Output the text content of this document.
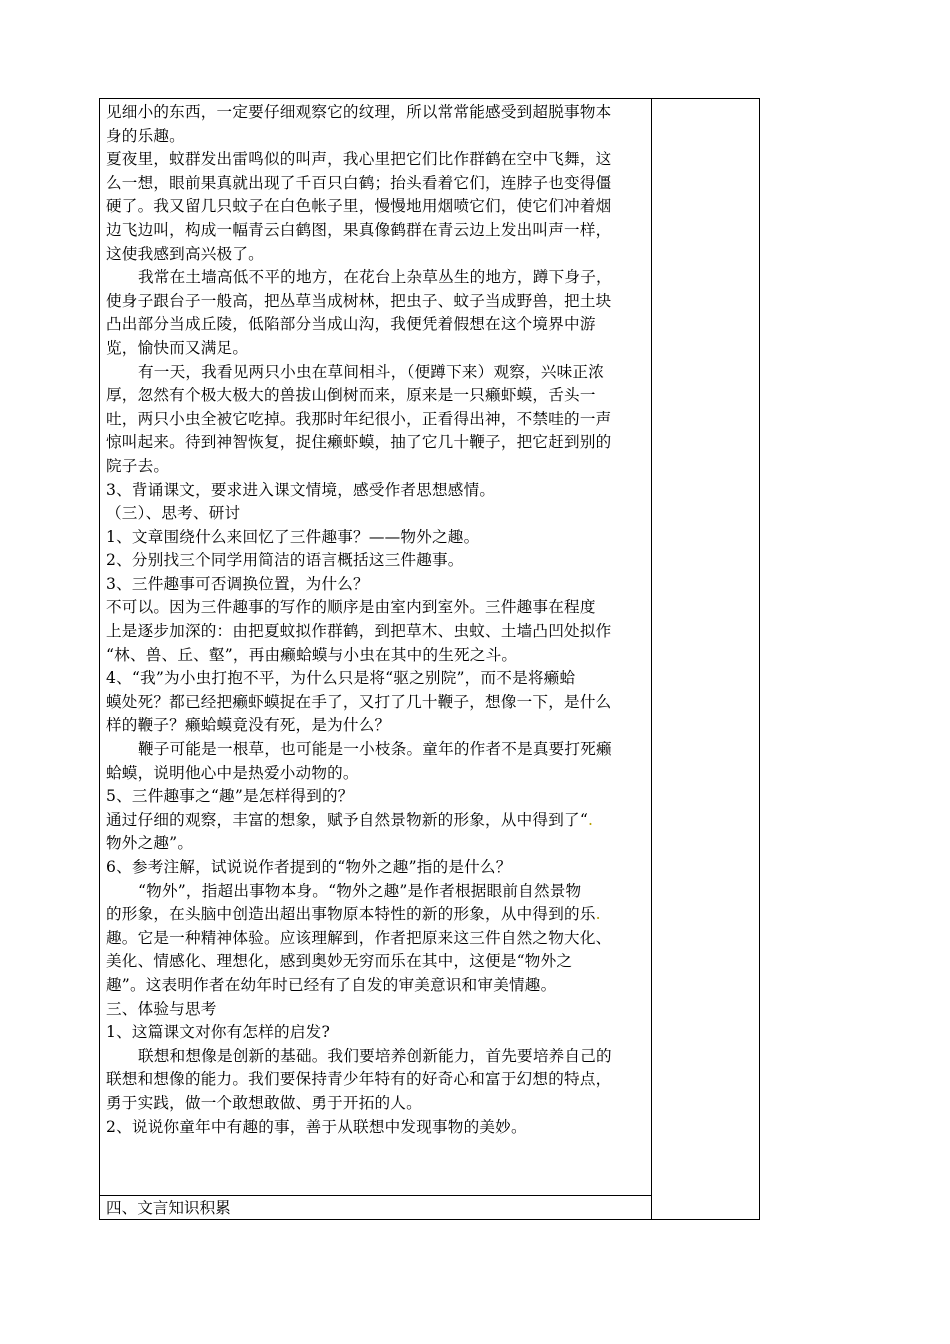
见细小的东西，一定要仔细观察它的纹理，所以常常能感受到超脱事物本
身的乐趣。
夏夜里，蚊群发出雷鸣似的叫声，我心里把它们比作群鹤在空中飞舞，这
么一想，眼前果真就出现了千百只白鹤；抬头看着它们，连脖子也变得僵
硬了。我又留几只蚊子在白色帐子里，慢慢地用烟喷它们，使它们冲着烟
边飞边叫，构成一幅青云白鹤图，果真像鹤群在青云边上发出叫声一样，
这使我感到高兴极了。
我常在土墙高低不平的地方，在花台上杂草丛生的地方，蹲下身子，
使身子跟台子一般高，把丛草当成树林，把虫子、蚊子当成野兽，把土块
凸出部分当成丘陵，低陷部分当成山沟，我便凭着假想在这个境界中游
览，愉快而又满足。
有一天，我看见两只小虫在草间相斗，（便蹲下来）观察，兴味正浓
厚，忽然有个极大极大的兽拔山倒树而来，原来是一只癞虾蟆，舌头一
吐，两只小虫全被它吃掉。我那时年纪很小，正看得出神，不禁哇的一声
惊叫起来。待到神智恢复，捉住癞虾蟆，抽了它几十鞭子，把它赶到别的
院子去。
3、背诵课文，要求进入课文情境，感受作者思想感情。
（三）、思考、研讨
1、文章围绕什么来回忆了三件趣事？——物外之趣。
2、分别找三个同学用简洁的语言概括这三件趣事。
3、三件趣事可否调换位置，为什么？
不可以。因为三件趣事的写作的顺序是由室内到室外。三件趣事在程度
上是逐步加深的：由把夏蚊拟作群鹤，到把草木、虫蚊、土墙凸凹处拟作
“林、兽、丘、壑”，再由癞蛤蟆与小虫在其中的生死之斗。
4、“我”为小虫打抱不平，为什么只是将“驱之别院”，而不是将癞蛤
蟆处死？都已经把癞虾蟆捉在手了，又打了几十鞭子，想像一下，是什么
样的鞭子？癞蛤蟆竟没有死，是为什么？
鞭子可能是一根草，也可能是一小枝条。童年的作者不是真要打死癞
蛤蟆，说明他心中是热爱小动物的。
5、三件趣事之“趣”是怎样得到的？
通过仔细的观察，丰富的想象，赋予自然景物新的形象，从中得到了“.
物外之趣”。
6、参考注解，试说说作者提到的“物外之趣”指的是什么？
“物外”，指超出事物本身。“物外之趣”是作者根据眼前自然景物
的形象，在头脑中创造出超出事物原本特性的新的形象，从中得到的乐.
趣。它是一种精神体验。应该理解到，作者把原来这三件自然之物大化、
美化、情感化、理想化，感到奥妙无穷而乐在其中，这便是“物外之
趣”。这表明作者在幼年时已经有了自发的审美意识和审美情趣。
三、体验与思考
1、这篇课文对你有怎样的启发?
联想和想像是创新的基础。我们要培养创新能力，首先要培养自己的
联想和想像的能力。我们要保持青少年特有的好奇心和富于幻想的特点，
勇于实践，做一个敢想敢做、勇于开拓的人。
2、说说你童年中有趣的事，善于从联想中发现事物的美妙。
四、文言知识积累
